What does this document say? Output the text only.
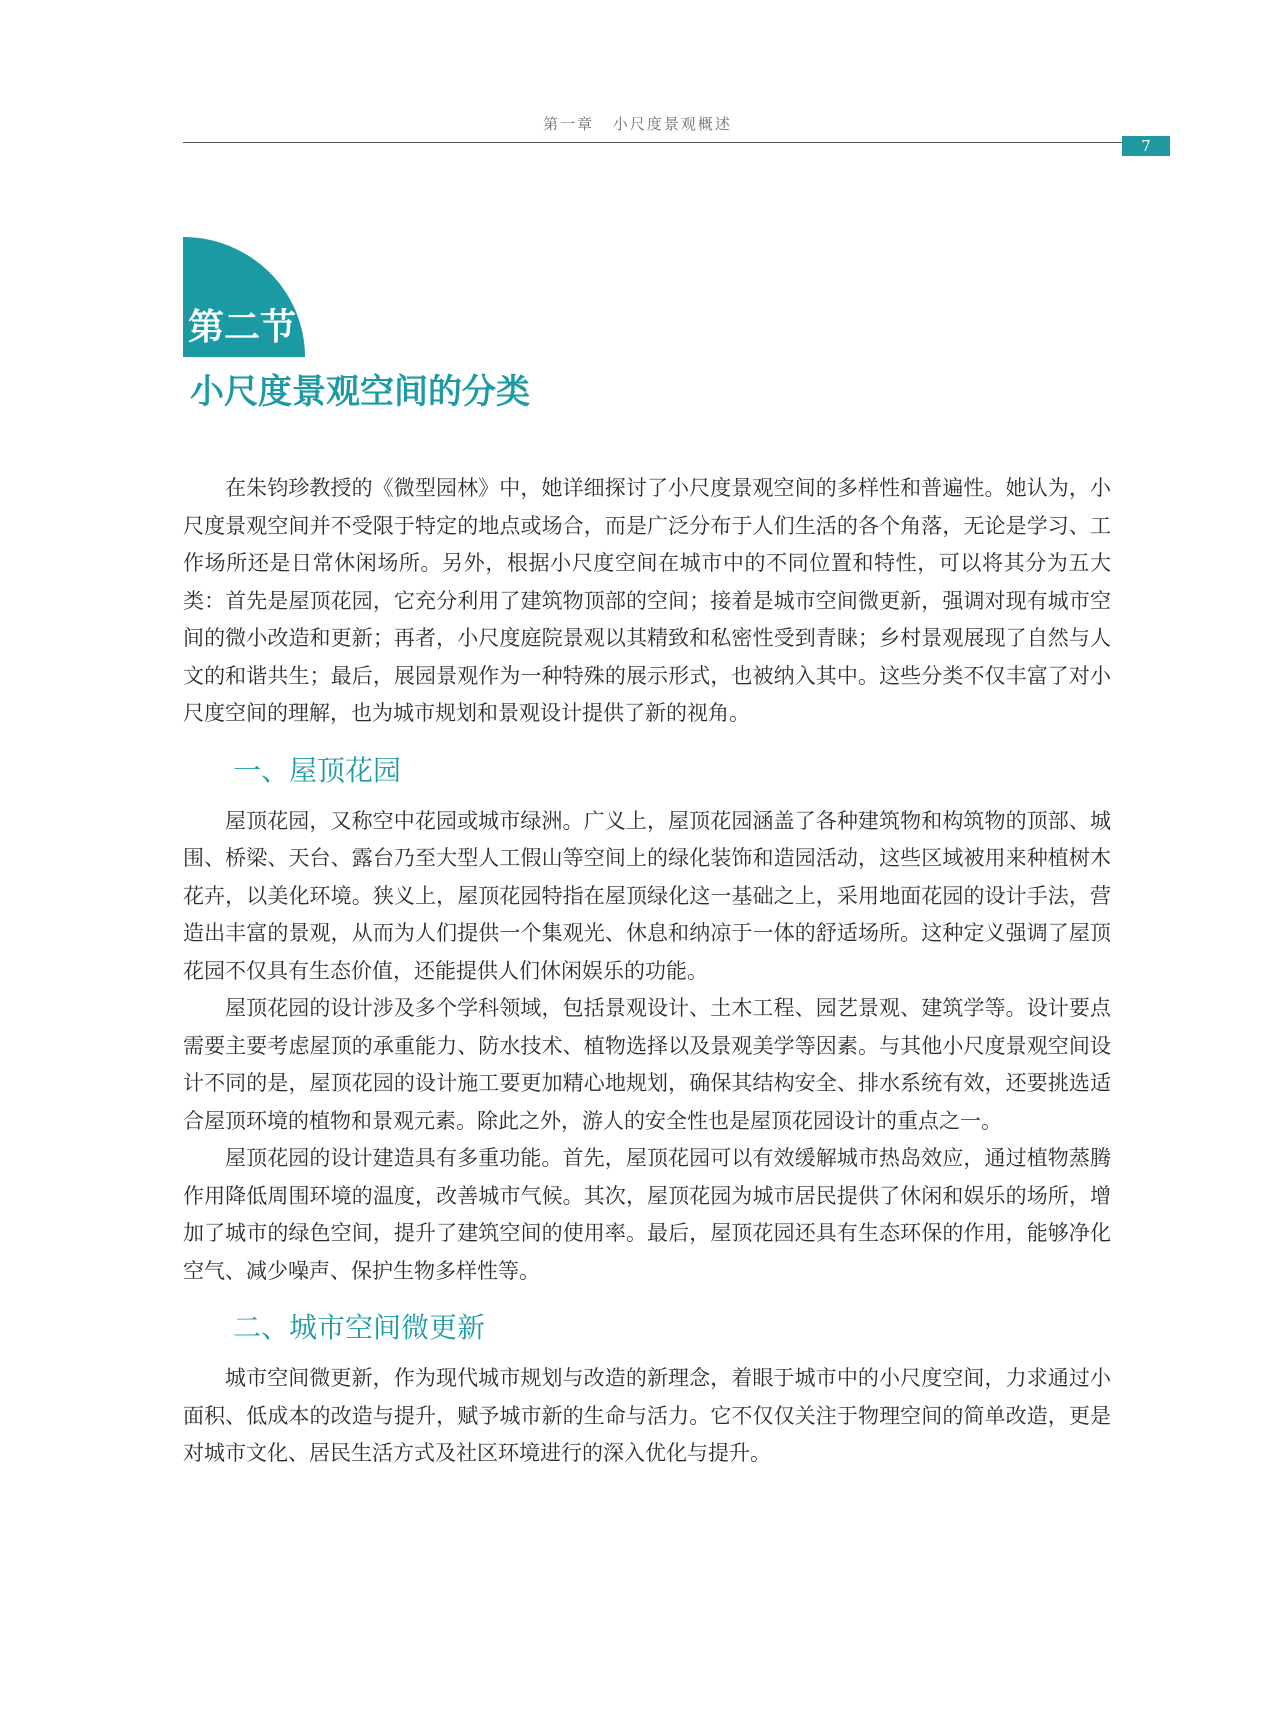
第一章 小尺度景观概述
7
第二节
小尺度景观空间的分类

在朱钧珍教授的《微型园林》中，她详细探讨了小尺度景观空间的多样性和普遍性。她认为，小尺度景观空间并不受限于特定的地点或场合，而是广泛分布于人们生活的各个角落，无论是学习、工作场所还是日常休闲场所。另外，根据小尺度空间在城市中的不同位置和特性，可以将其分为五大类：首先是屋顶花园，它充分利用了建筑物顶部的空间；接着是城市空间微更新，强调对现有城市空间的微小改造和更新；再者，小尺度庭院景观以其精致和私密性受到青睐；乡村景观展现了自然与人文的和谐共生；最后，展园景观作为一种特殊的展示形式，也被纳入其中。这些分类不仅丰富了对小尺度空间的理解，也为城市规划和景观设计提供了新的视角。

一、屋顶花园

屋顶花园，又称空中花园或城市绿洲。广义上，屋顶花园涵盖了各种建筑物和构筑物的顶部、城围、桥梁、天台、露台乃至大型人工假山等空间上的绿化装饰和造园活动，这些区域被用来种植树木花卉，以美化环境。狭义上，屋顶花园特指在屋顶绿化这一基础之上，采用地面花园的设计手法，营造出丰富的景观，从而为人们提供一个集观光、休息和纳凉于一体的舒适场所。这种定义强调了屋顶花园不仅具有生态价值，还能提供人们休闲娱乐的功能。

屋顶花园的设计涉及多个学科领域，包括景观设计、土木工程、园艺景观、建筑学等。设计要点需要主要考虑屋顶的承重能力、防水技术、植物选择以及景观美学等因素。与其他小尺度景观空间设计不同的是，屋顶花园的设计施工要更加精心地规划，确保其结构安全、排水系统有效，还要挑选适合屋顶环境的植物和景观元素。除此之外，游人的安全性也是屋顶花园设计的重点之一。

屋顶花园的设计建造具有多重功能。首先，屋顶花园可以有效缓解城市热岛效应，通过植物蒸腾作用降低周围环境的温度，改善城市气候。其次，屋顶花园为城市居民提供了休闲和娱乐的场所，增加了城市的绿色空间，提升了建筑空间的使用率。最后，屋顶花园还具有生态环保的作用，能够净化空气、减少噪声、保护生物多样性等。

二、城市空间微更新

城市空间微更新，作为现代城市规划与改造的新理念，着眼于城市中的小尺度空间，力求通过小面积、低成本的改造与提升，赋予城市新的生命与活力。它不仅仅关注于物理空间的简单改造，更是对城市文化、居民生活方式及社区环境进行的深入优化与提升。
